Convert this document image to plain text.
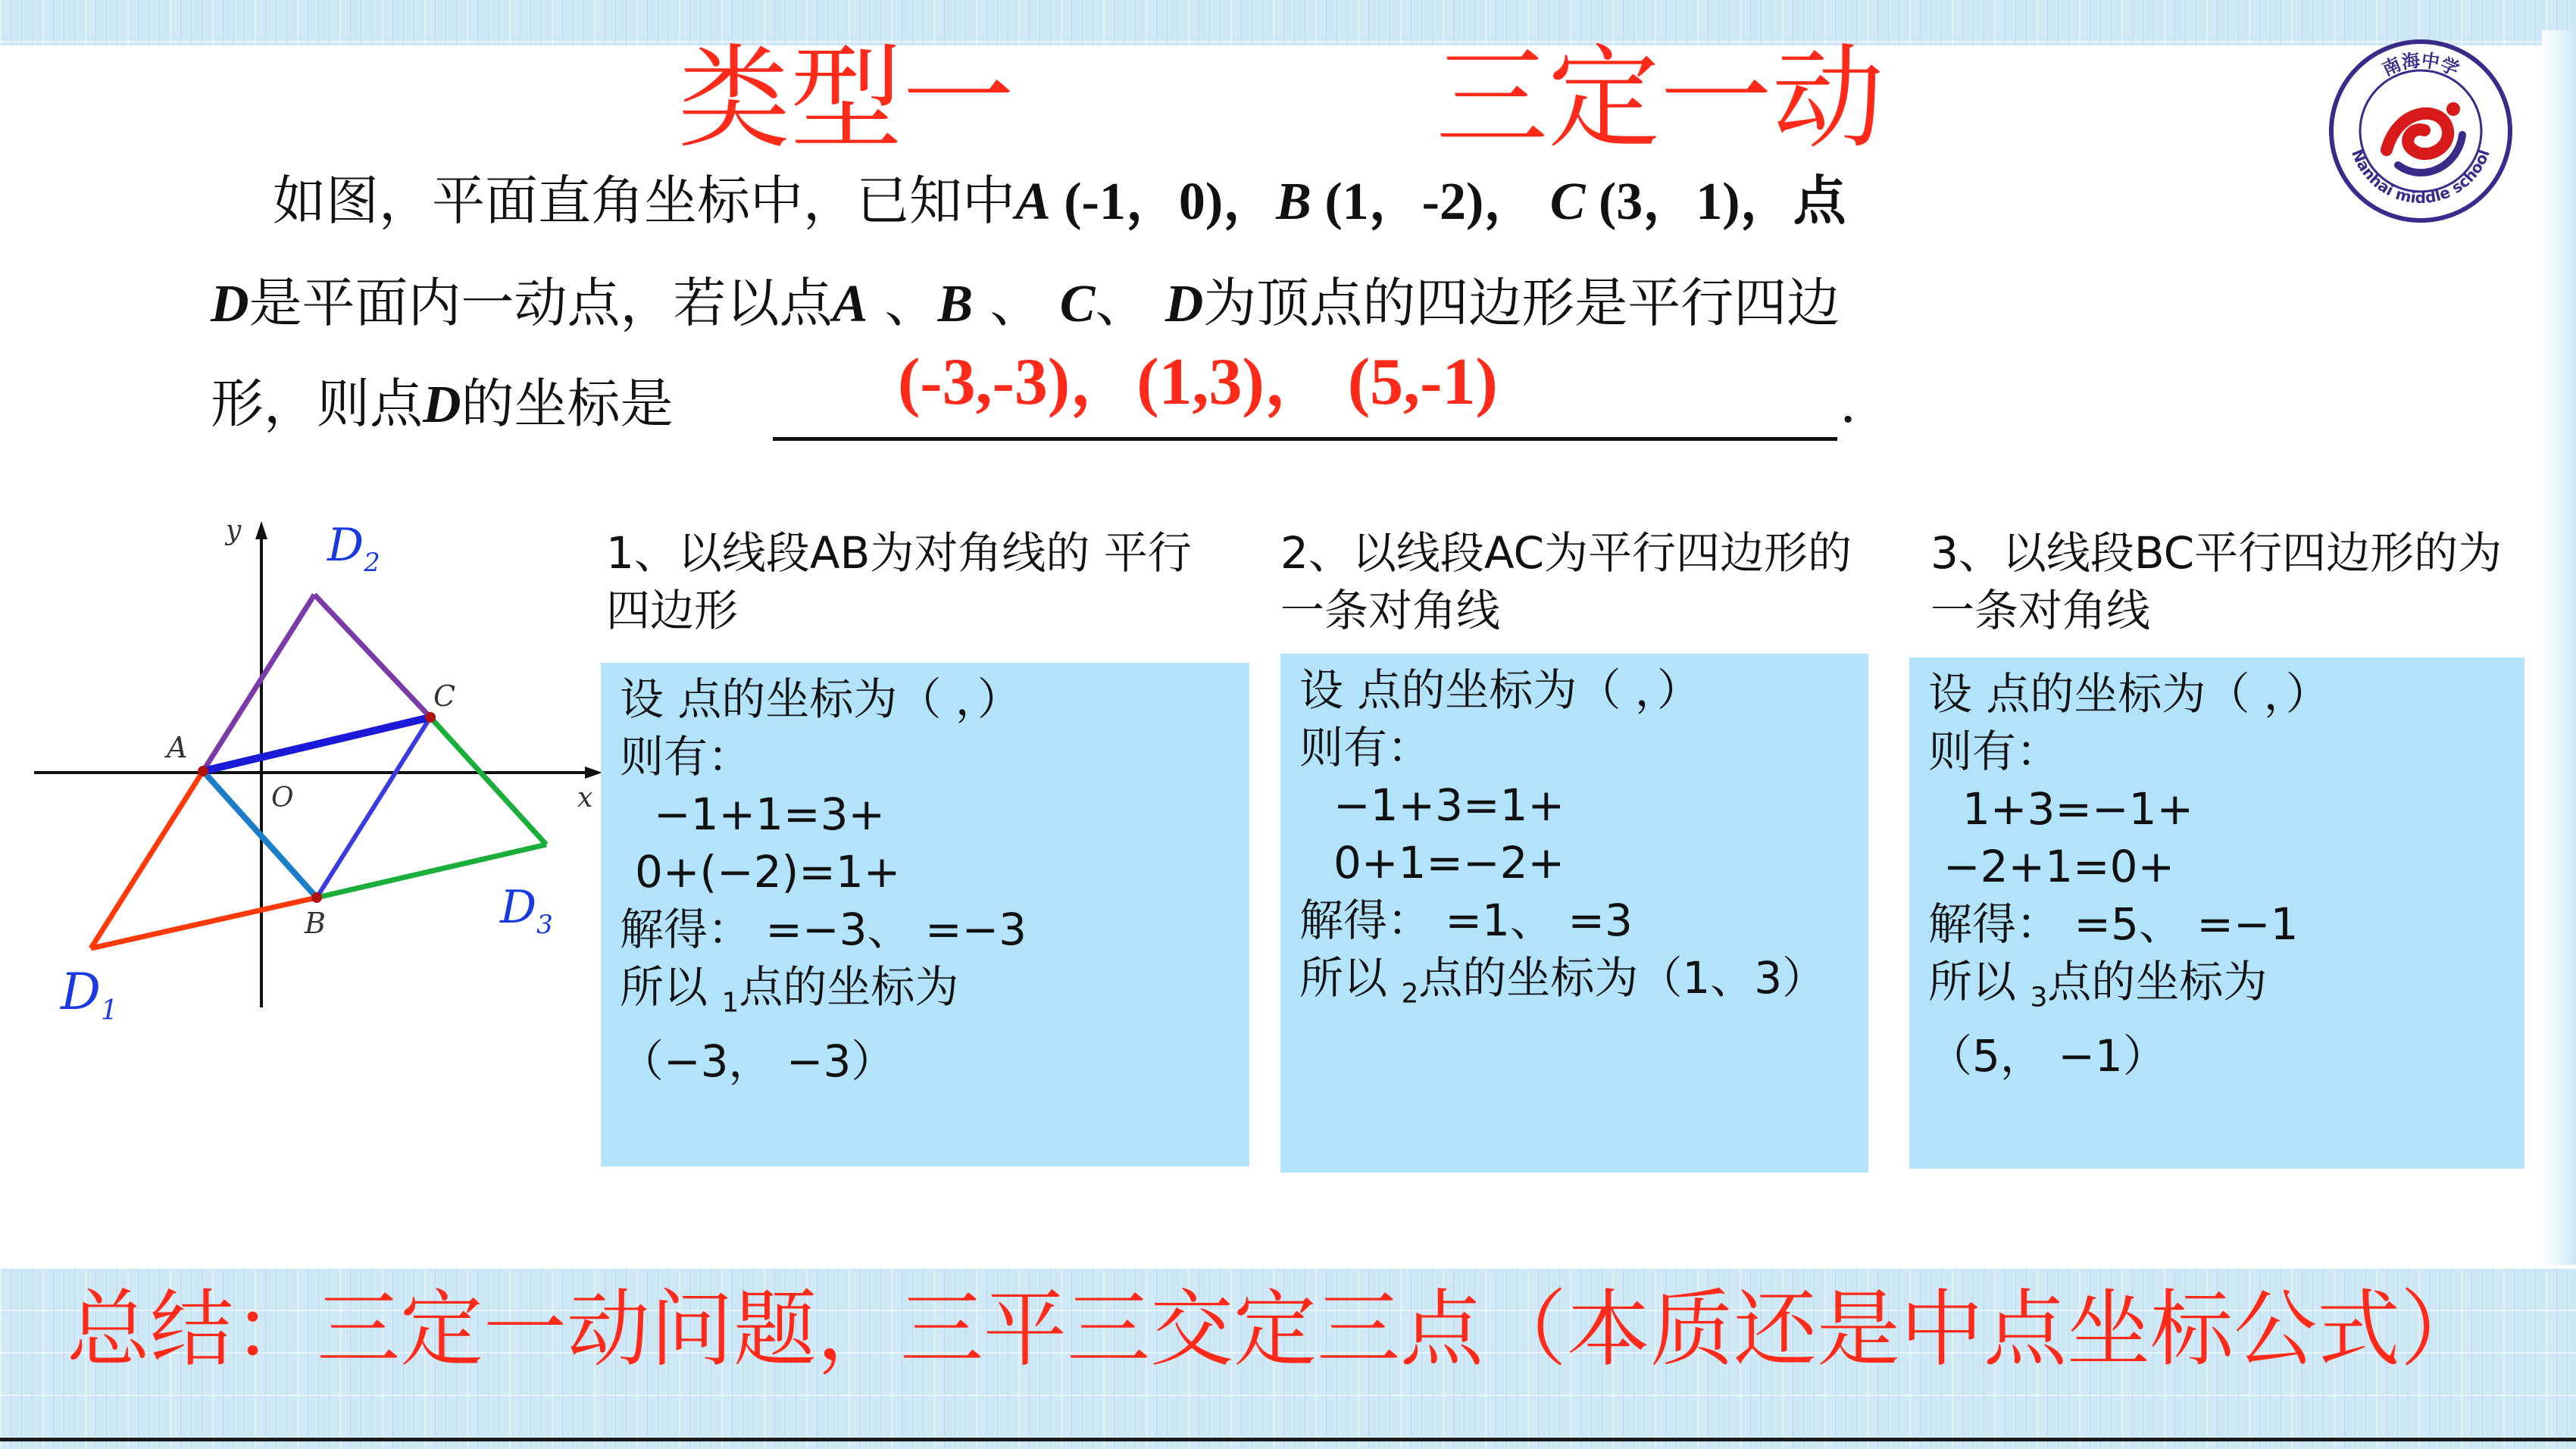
类型一	三定一动	南海中学
Nanhai middle school
如图，平面直角坐标中，已知中A (-1，0)，B (1，-2)， C (3，1)，点
D是平面内一动点，若以点A 、B 、 C、 D为顶点的四边形是平行四边
形，则点D的坐标是	(-3,-3)，(1,3)， (5,-1)	.
x
y
O
A
C
B
$D_2$
$D_3$
$D_1$
1、以线段AB为对角线的 平行四边形
2、以线段AC为平行四边形的一条对角线
3、以线段BC平行四边形的为一条对角线
设 点的坐标为（ ，）
则有：
−1+1=3+
0+(−2)=1+
解得： =−3、 =−3
所以 $_1$点的坐标为
（−3， −3）
设 点的坐标为（ ，）
则有：
−1+3=1+
0+1=−2+
解得： =1、 =3
所以 $_2$点的坐标为（1、3）
设 点的坐标为（ ，）
则有：
1+3=−1+
−2+1=0+
解得： =5、 =−1
所以 $_3$点的坐标为
（5， −1）
总结：三定一动问题，三平三交定三点（本质还是中点坐标公式）
